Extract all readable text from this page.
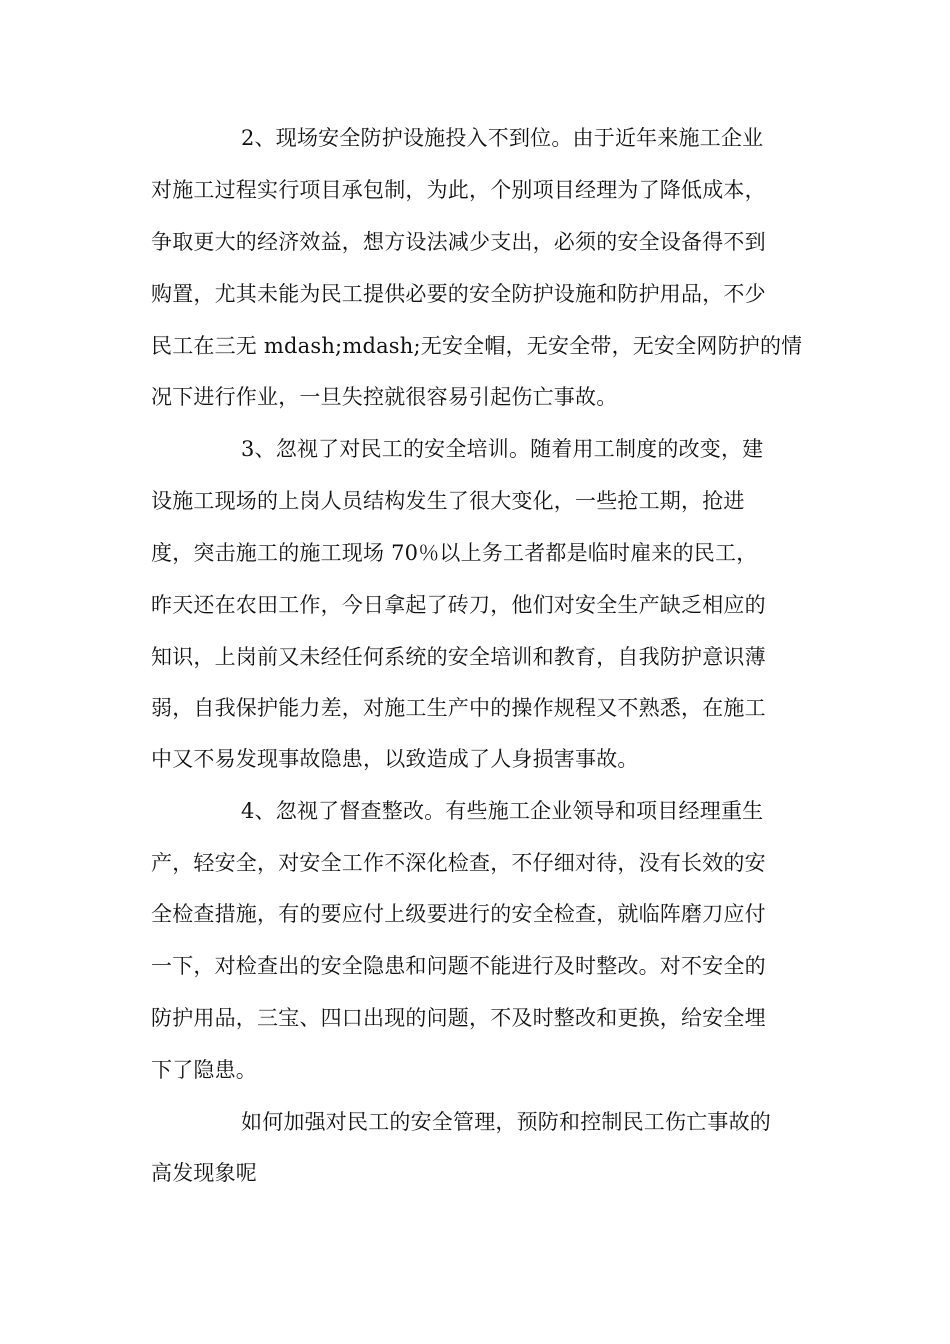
2、现场安全防护设施投入不到位。由于近年来施工企业
对施工过程实行项目承包制，为此，个别项目经理为了降低成本，
争取更大的经济效益，想方设法减少支出，必须的安全设备得不到
购置，尤其未能为民工提供必要的安全防护设施和防护用品，不少
民工在三无 mdash;mdash;无安全帽，无安全带，无安全网防护的情
况下进行作业，一旦失控就很容易引起伤亡事故。
3、忽视了对民工的安全培训。随着用工制度的改变，建
设施工现场的上岗人员结构发生了很大变化，一些抢工期，抢进
度，突击施工的施工现场 70％以上务工者都是临时雇来的民工，
昨天还在农田工作，今日拿起了砖刀，他们对安全生产缺乏相应的
知识，上岗前又未经任何系统的安全培训和教育，自我防护意识薄
弱，自我保护能力差，对施工生产中的操作规程又不熟悉，在施工
中又不易发现事故隐患，以致造成了人身损害事故。
4、忽视了督查整改。有些施工企业领导和项目经理重生
产，轻安全，对安全工作不深化检查，不仔细对待，没有长效的安
全检查措施，有的要应付上级要进行的安全检查，就临阵磨刀应付
一下，对检查出的安全隐患和问题不能进行及时整改。对不安全的
防护用品，三宝、四口出现的问题，不及时整改和更换，给安全埋
下了隐患。
如何加强对民工的安全管理，预防和控制民工伤亡事故的
高发现象呢
